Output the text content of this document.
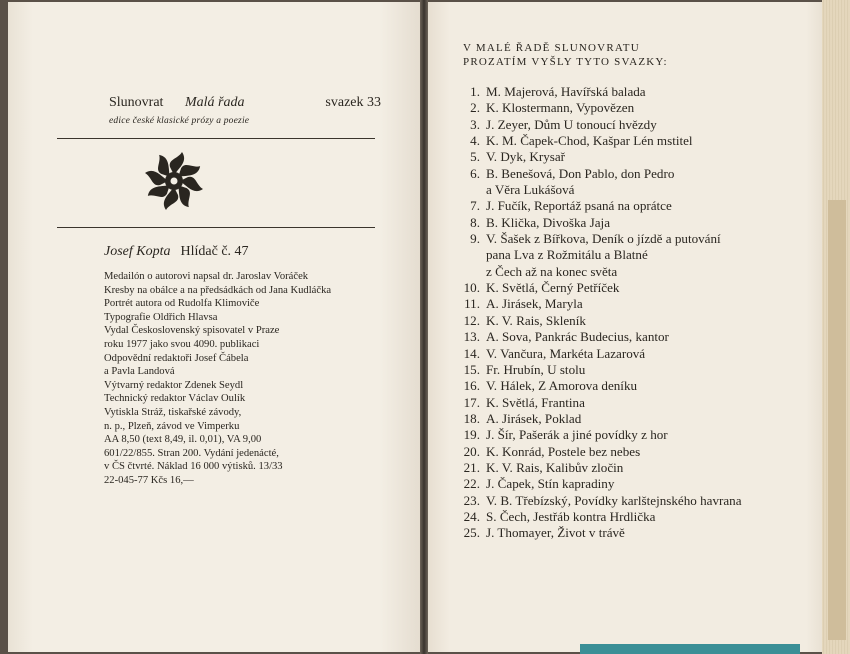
Slunovrat Malá řada	svazek 33
edice české klasické prózy a poezie
Josef Kopta Hlídač č. 47
Medailón o autorovi napsal dr. Jaroslav Voráček
Kresby na obálce a na předsádkách od Jana Kudláčka
Portrét autora od Rudolfa Klimoviče
Typografie Oldřich Hlavsa
Vydal Československý spisovatel v Praze
roku 1977 jako svou 4090. publikaci
Odpovědní redaktoři Josef Čábela
a Pavla Landová
Výtvarný redaktor Zdenek Seydl
Technický redaktor Václav Oulík
Vytiskla Stráž, tiskařské závody,
n. p., Plzeň, závod ve Vimperku
AA 8,50 (text 8,49, il. 0,01), VA 9,00
601/22/855. Stran 200. Vydání jedenácté,
v ČS čtvrté. Náklad 16 000 výtisků. 13/33
22-045-77 Kčs 16,—
V MALÉ ŘADĚ SLUNOVRATU
PROZATÍM VYŠLY TYTO SVAZKY:
1. M. Majerová, Havířská balada
2. K. Klostermann, Vypovězen
3. J. Zeyer, Dům U tonoucí hvězdy
4. K. M. Čapek-Chod, Kašpar Lén mstitel
5. V. Dyk, Krysař
6. B. Benešová, Don Pablo, don Pedro
a Věra Lukášová
7. J. Fučík, Reportáž psaná na oprátce
8. B. Klička, Divoška Jaja
9. V. Šašek z Bířkova, Deník o jízdě a putování
pana Lva z Rožmitálu a Blatné
z Čech až na konec světa
10. K. Světlá, Černý Petříček
11. A. Jirásek, Maryla
12. K. V. Rais, Skleník
13. A. Sova, Pankrác Budecius, kantor
14. V. Vančura, Markéta Lazarová
15. Fr. Hrubín, U stolu
16. V. Hálek, Z Amorova deníku
17. K. Světlá, Frantina
18. A. Jirásek, Poklad
19. J. Šír, Pašerák a jiné povídky z hor
20. K. Konrád, Postele bez nebes
21. K. V. Rais, Kalibův zločin
22. J. Čapek, Stín kapradiny
23. V. B. Třebízský, Povídky karlštejnského havrana
24. S. Čech, Jestřáb kontra Hrdlička
25. J. Thomayer, Život v trávě
